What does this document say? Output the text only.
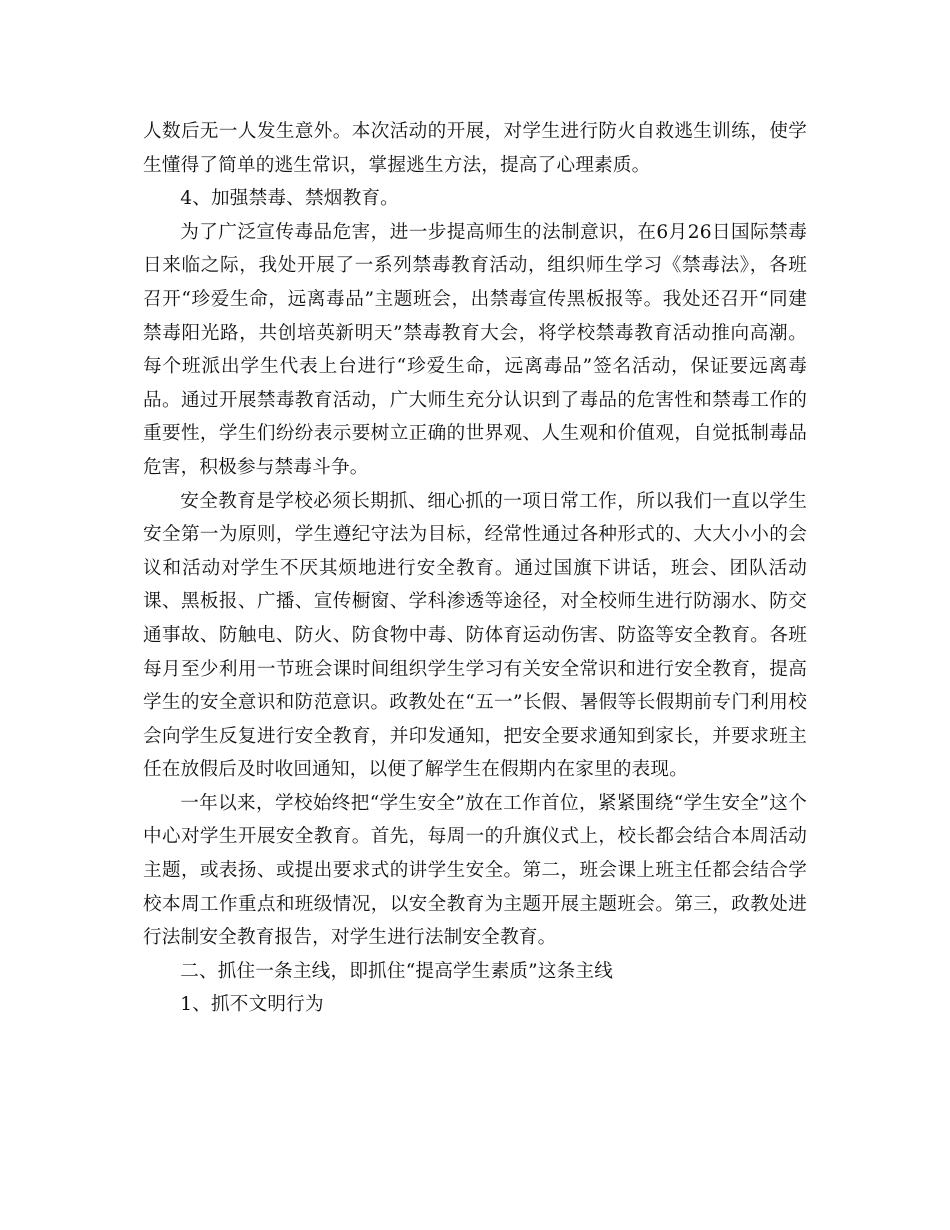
人数后无一人发生意外。本次活动的开展，对学生进行防火自救逃生训练，使学生懂得了简单的逃生常识，掌握逃生方法，提高了心理素质。

4、加强禁毒、禁烟教育。

为了广泛宣传毒品危害，进一步提高师生的法制意识，在6月26日国际禁毒日来临之际，我处开展了一系列禁毒教育活动，组织师生学习《禁毒法》，各班召开“珍爱生命，远离毒品”主题班会，出禁毒宣传黑板报等。我处还召开“同建禁毒阳光路，共创培英新明天”禁毒教育大会，将学校禁毒教育活动推向高潮。每个班派出学生代表上台进行“珍爱生命，远离毒品”签名活动，保证要远离毒品。通过开展禁毒教育活动，广大师生充分认识到了毒品的危害性和禁毒工作的重要性，学生们纷纷表示要树立正确的世界观、人生观和价值观，自觉抵制毒品危害，积极参与禁毒斗争。

安全教育是学校必须长期抓、细心抓的一项日常工作，所以我们一直以学生安全第一为原则，学生遵纪守法为目标，经常性通过各种形式的、大大小小的会议和活动对学生不厌其烦地进行安全教育。通过国旗下讲话，班会、团队活动课、黑板报、广播、宣传橱窗、学科渗透等途径，对全校师生进行防溺水、防交通事故、防触电、防火、防食物中毒、防体育运动伤害、防盗等安全教育。各班每月至少利用一节班会课时间组织学生学习有关安全常识和进行安全教育，提高学生的安全意识和防范意识。政教处在“五一”长假、暑假等长假期前专门利用校会向学生反复进行安全教育，并印发通知，把安全要求通知到家长，并要求班主任在放假后及时收回通知，以便了解学生在假期内在家里的表现。

一年以来，学校始终把“学生安全”放在工作首位，紧紧围绕“学生安全”这个中心对学生开展安全教育。首先，每周一的升旗仪式上，校长都会结合本周活动主题，或表扬、或提出要求式的讲学生安全。第二，班会课上班主任都会结合学校本周工作重点和班级情况，以安全教育为主题开展主题班会。第三，政教处进行法制安全教育报告，对学生进行法制安全教育。

二、抓住一条主线，即抓住“提高学生素质”这条主线

1、抓不文明行为
